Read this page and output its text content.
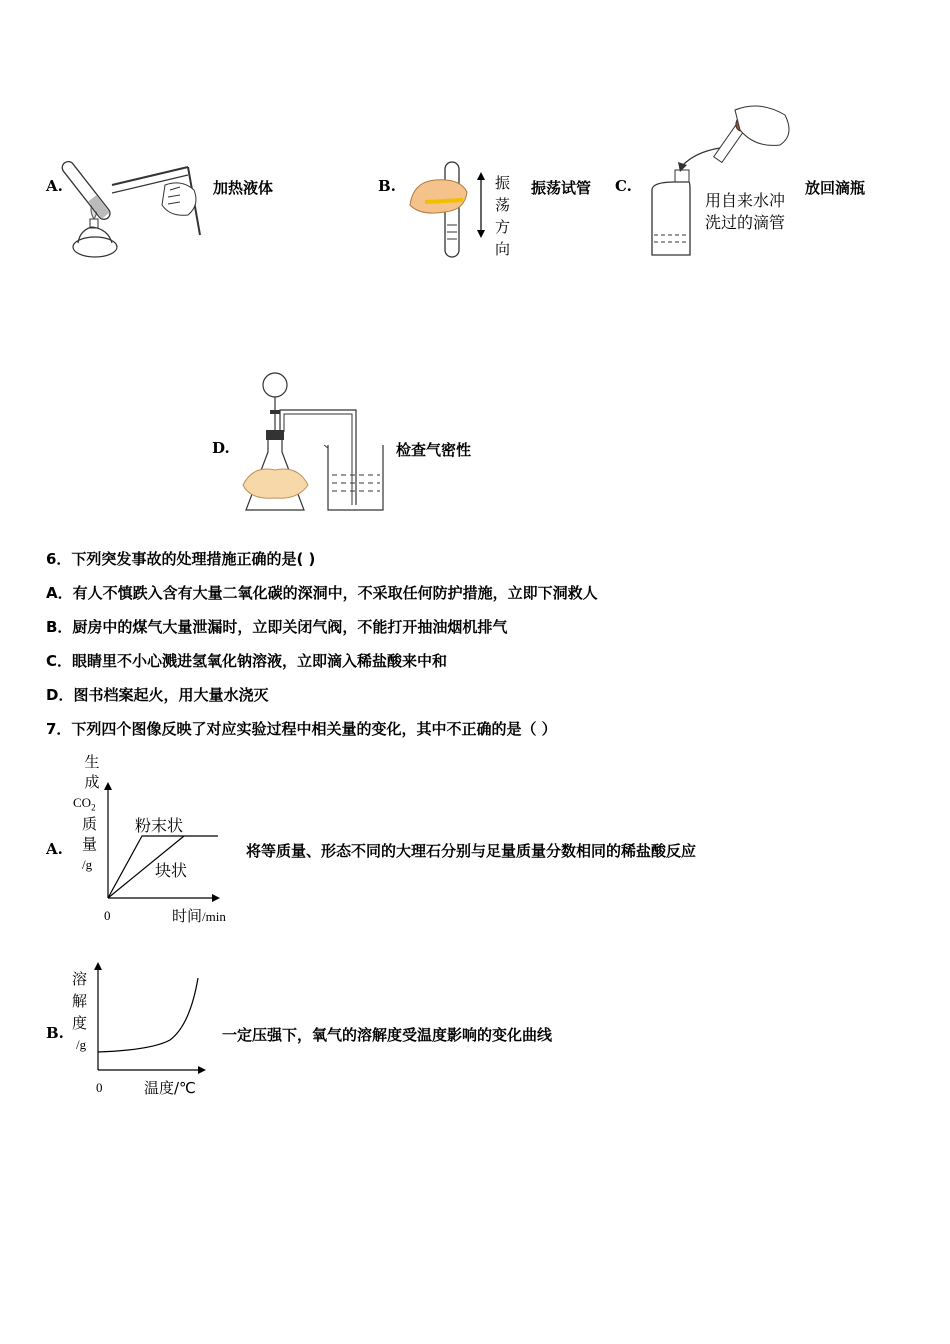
A.	加热液体	B.	振
荡
方
向
振荡试管 C.
用自来水冲
洗过的滴管
放回滴瓶
D.	检查气密性
6．下列突发事故的处理措施正确的是( )
A．有人不慎跌入含有大量二氧化碳的深洞中，不采取任何防护措施，立即下洞救人
B．厨房中的煤气大量泄漏时，立即关闭气阀，不能打开抽油烟机排气
C．眼睛里不小心溅进氢氧化钠溶液，立即滴入稀盐酸来中和
D．图书档案起火，用大量水浇灭
7．下列四个图像反映了对应实验过程中相关量的变化，其中不正确的是（ ）
A.
生
成
$CO_2$
质
量
/g
粉末状
块状
0	时间/min
将等质量、形态不同的大理石分别与足量质量分数相同的稀盐酸反应
B.
溶
解
度
/g
0	温度/℃
一定压强下，氧气的溶解度受温度影响的变化曲线
